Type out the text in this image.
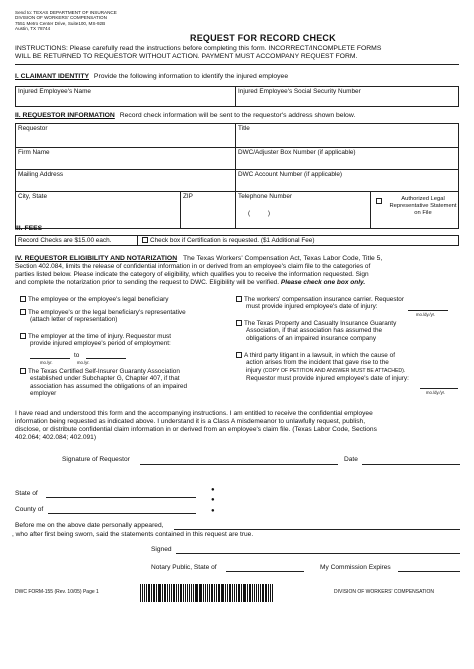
Send to: TEXAS DEPARTMENT OF INSURANCE
DIVISION OF WORKERS' COMPENSATION
7551 Metro Center Drive, Suite100, MS-92B
Austin, TX 78744
REQUEST FOR RECORD CHECK
INSTRUCTIONS: Please carefully read the instructions before completing this form. INCORRECT/INCOMPLETE FORMS
WILL BE RETURNED TO REQUESTOR WITHOUT ACTION. PAYMENT MUST ACCOMPANY REQUEST FORM.
I. CLAIMANT IDENTITY Provide the following information to identify the injured employee
Injured Employee's Name	Injured Employee's Social Security Number
II. REQUESTOR INFORMATION Record check information will be sent to the requestor's address shown below.
Requestor	Title
Firm Name	DWC/Adjuster Box Number (if applicable)
Mailing Address	DWC Account Number (if applicable)
City, State	ZIP	Telephone Number
(          )
Authorized Legal Representative Statement on File
III. FEES
Record Checks are $15.00 each.	Check box if Certification is requested. ($1 Additional Fee)
IV. REQUESTOR ELIGIBILITY AND NOTARIZATION The Texas Workers' Compensation Act, Texas Labor Code, Title 5,
Section 402.084, limits the release of confidential information in or derived from an employee's claim file to the categories of
parties listed below. Please indicate the category of eligibility, which qualifies you to receive the information requested. Sign
and complete the notarization prior to sending the request to DWC. Eligibility will be verified. Please check one box only.
The employee or the employee's legal beneficiary
The employee's or the legal beneficiary's representative
(attach letter of representation)
The employer at the time of injury. Requestor must
provide injured employee's period of employment:
to
mo./yr.                     mo./yr.
The Texas Certified Self-Insurer Guaranty Association
established under Subchapter G, Chapter 407, if that
association has assumed the obligations of an impaired
employer
The workers' compensation insurance carrier. Requestor
must provide injured employee's date of injury:
mo./dy./yr.
The Texas Property and Casualty Insurance Guaranty
Association, if that association has assumed the
obligations of an impaired insurance company
A third party litigant in a lawsuit, in which the cause of
action arises from the incident that gave rise to the
injury (COPY OF PETITION AND ANSWER MUST BE ATTACHED).
Requestor must provide injured employee's date of injury:
mo./dy./yr.
I have read and understood this form and the accompanying instructions. I am entitled to receive the confidential employee
information being requested as indicated above. I understand it is a Class A misdemeanor to unlawfully request, publish,
disclose, or distribute confidential claim information in or derived from an employee's claim file. (Texas Labor Code, Sections
402.064; 402.084; 402.091)
Signature of Requestor	Date
State of	●
●
County of	●
Before me on the above date personally appeared,
, who after first being sworn, said the statements contained in this request are true.
Signed
Notary Public, State of	My Commission Expires
DWC FORM-155 (Rev. 10/05) Page 1	DIVISION OF WORKERS' COMPENSATION
